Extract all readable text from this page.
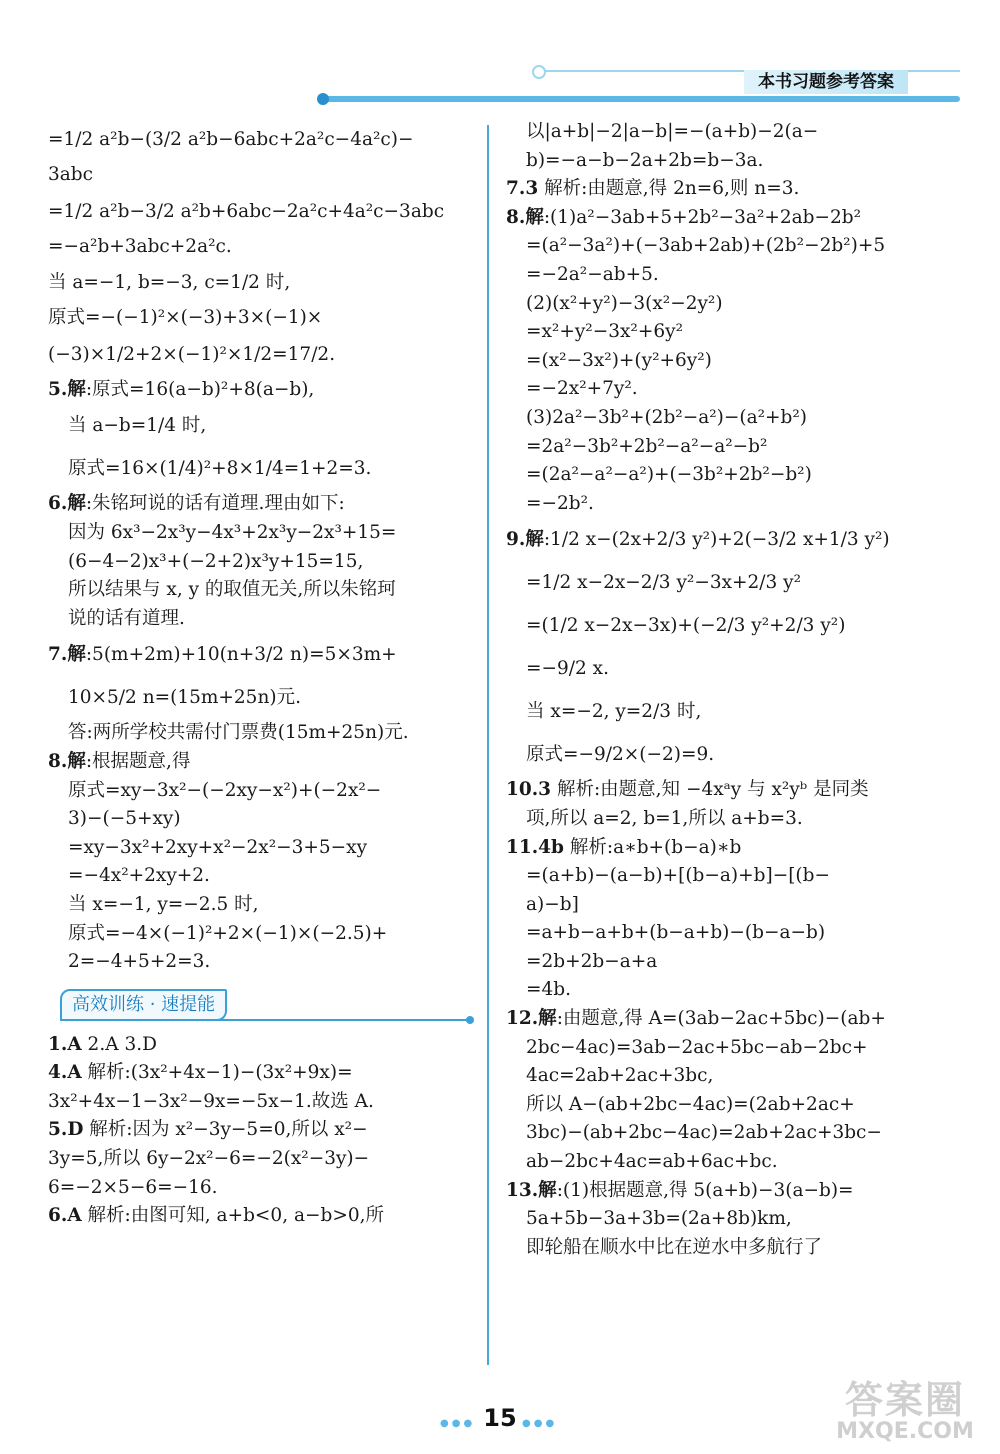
本书习题参考答案
=1/2 a²b−(3/2 a²b−6abc+2a²c−4a²c)−
3abc
=1/2 a²b−3/2 a²b+6abc−2a²c+4a²c−3abc
=−a²b+3abc+2a²c.
当 a=−1, b=−3, c=1/2 时,
原式=−(−1)²×(−3)+3×(−1)×
(−3)×1/2+2×(−1)²×1/2=17/2.
5.解:原式=16(a−b)²+8(a−b),
当 a−b=1/4 时,
原式=16×(1/4)²+8×1/4=1+2=3.
6.解:朱铭珂说的话有道理.理由如下:
因为 6x³−2x³y−4x³+2x³y−2x³+15=
(6−4−2)x³+(−2+2)x³y+15=15,
所以结果与 x, y 的取值无关,所以朱铭珂
说的话有道理.
7.解:5(m+2m)+10(n+3/2 n)=5×3m+
10×5/2 n=(15m+25n)元.
答:两所学校共需付门票费(15m+25n)元.
8.解:根据题意,得
原式=xy−3x²−(−2xy−x²)+(−2x²−
3)−(−5+xy)
=xy−3x²+2xy+x²−2x²−3+5−xy
=−4x²+2xy+2.
当 x=−1, y=−2.5 时,
原式=−4×(−1)²+2×(−1)×(−2.5)+
2=−4+5+2=3.
高效训练 · 速提能
1.A 2.A 3.D
4.A 解析:(3x²+4x−1)−(3x²+9x)=
3x²+4x−1−3x²−9x=−5x−1.故选 A.
5.D 解析:因为 x²−3y−5=0,所以 x²−
3y=5,所以 6y−2x²−6=−2(x²−3y)−
6=−2×5−6=−16.
6.A 解析:由图可知, a+b<0, a−b>0,所
以|a+b|−2|a−b|=−(a+b)−2(a−
b)=−a−b−2a+2b=b−3a.
7.3 解析:由题意,得 2n=6,则 n=3.
8.解:(1)a²−3ab+5+2b²−3a²+2ab−2b²
=(a²−3a²)+(−3ab+2ab)+(2b²−2b²)+5
=−2a²−ab+5.
(2)(x²+y²)−3(x²−2y²)
=x²+y²−3x²+6y²
=(x²−3x²)+(y²+6y²)
=−2x²+7y².
(3)2a²−3b²+(2b²−a²)−(a²+b²)
=2a²−3b²+2b²−a²−a²−b²
=(2a²−a²−a²)+(−3b²+2b²−b²)
=−2b².
9.解:1/2 x−(2x+2/3 y²)+2(−3/2 x+1/3 y²)
=1/2 x−2x−2/3 y²−3x+2/3 y²
=(1/2 x−2x−3x)+(−2/3 y²+2/3 y²)
=−9/2 x.
当 x=−2, y=2/3 时,
原式=−9/2×(−2)=9.
10.3 解析:由题意,知 −4xᵃy 与 x²yᵇ 是同类
项,所以 a=2, b=1,所以 a+b=3.
11.4b 解析:a∗b+(b−a)∗b
=(a+b)−(a−b)+[(b−a)+b]−[(b−
a)−b]
=a+b−a+b+(b−a+b)−(b−a−b)
=2b+2b−a+a
=4b.
12.解:由题意,得 A=(3ab−2ac+5bc)−(ab+
2bc−4ac)=3ab−2ac+5bc−ab−2bc+
4ac=2ab+2ac+3bc,
所以 A−(ab+2bc−4ac)=(2ab+2ac+
3bc)−(ab+2bc−4ac)=2ab+2ac+3bc−
ab−2bc+4ac=ab+6ac+bc.
13.解:(1)根据题意,得 5(a+b)−3(a−b)=
5a+5b−3a+3b=(2a+8b)km,
即轮船在顺水中比在逆水中多航行了
●●● 15 ●●●
答案圈
MXQE.COM
